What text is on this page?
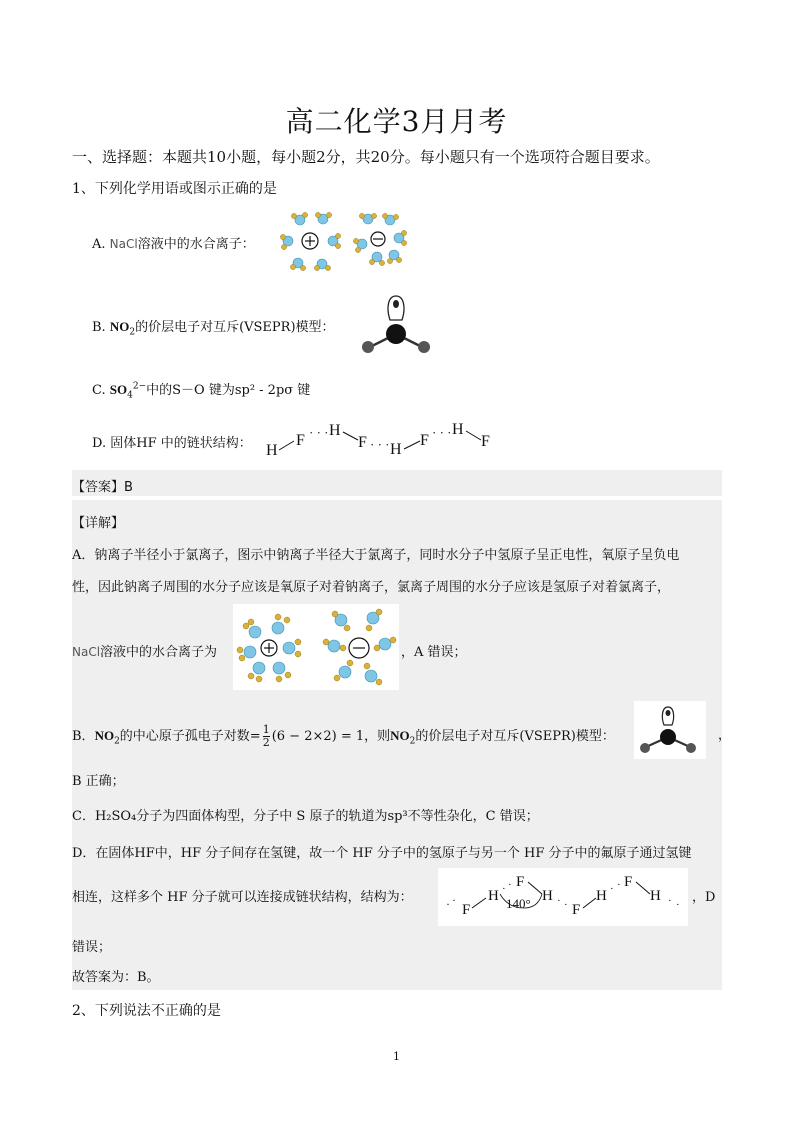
高二化学3月月考
一、选择题：本题共10小题，每小题2分，共20分。每小题只有一个选项符合题目要求。
1、下列化学用语或图示正确的是
A. NaCl溶液中的水合离子：
B. $NO_2$的价层电子对互斥(VSEPR)模型：
C. $SO_4^{2-}$中的S－O 键为sp² - 2pσ 键
D. 固体HF 中的链状结构： H
F · · · H
F · · · H
F · · · H
F
【答案】B
【详解】
A．钠离子半径小于氯离子，图示中钠离子半径大于氯离子，同时水分子中氢原子呈正电性，氧原子呈负电
性，因此钠离子周围的水分子应该是氧原子对着钠离子，氯离子周围的水分子应该是氢原子对着氯离子，
NaCl溶液中的水合离子为	，A 错误；
B．$NO_2$的中心原子孤电子对数= $\frac{1}{2} (6 - 2\times 2) = 1$，则$NO_2$的价层电子对互斥(VSEPR)模型：	，
B 正确；
C．H₂SO₄分子为四面体构型，分子中 S 原子的轨道为sp³不等性杂化，C 错误；
D．在固体HF中，HF 分子间存在氢键，故一个 HF 分子中的氢原子与另一个 HF 分子中的氟原子通过氢键
相连，这样多个 HF 分子就可以连接成链状结构，结构为：	· ·
F
H · · F
140° H · · F
H · · F
H · · ，D
错误；
故答案为：B。
2、下列说法不正确的是
1
